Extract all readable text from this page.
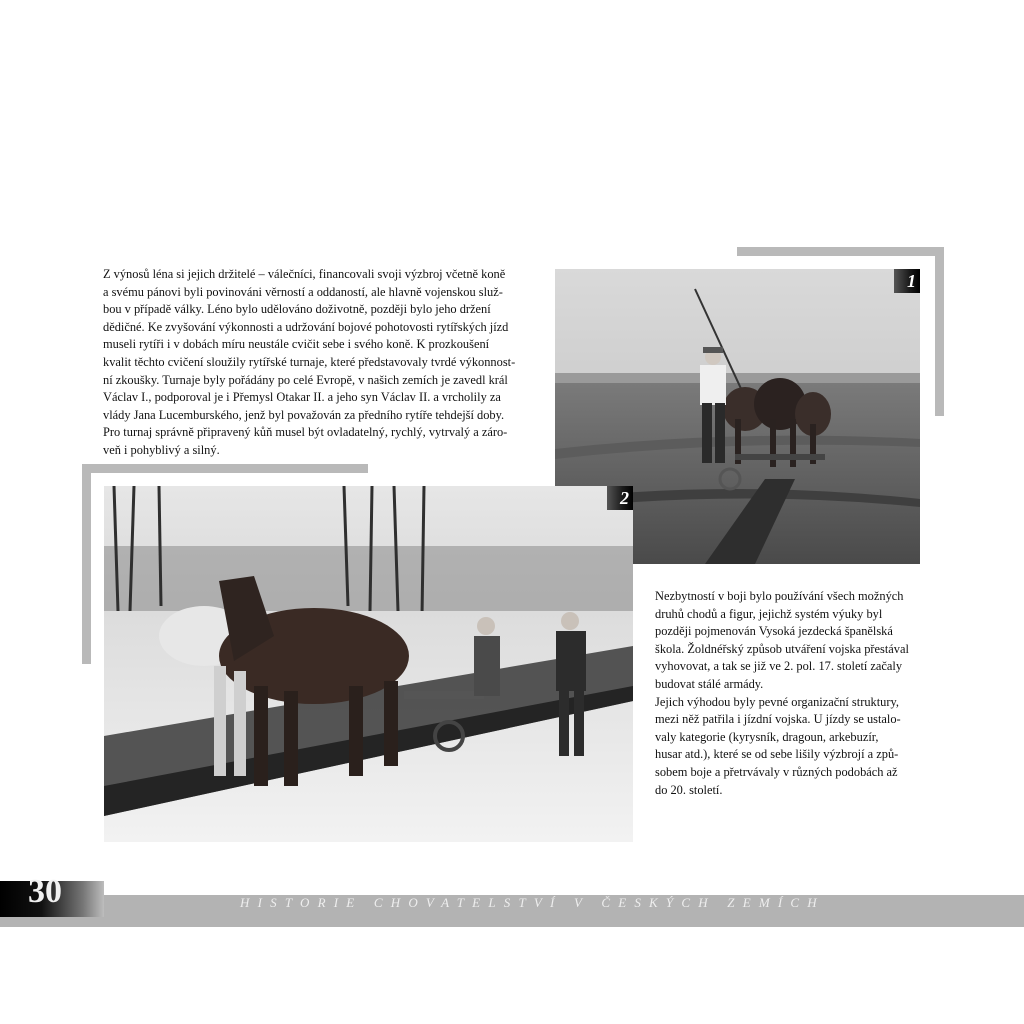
Z výnosů léna si jejich držitelé – válečníci, financovali svoji výzbroj včetně koně
a svému pánovi byli povinováni věrností a oddaností, ale hlavně vojenskou služ-
bou v případě války. Léno bylo udělováno doživotně, později bylo jeho držení
dědičné. Ke zvyšování výkonnosti a udržování bojové pohotovosti rytířských jízd
museli rytíři i v dobách míru neustále cvičit sebe i svého koně. K prozkoušení
kvalit těchto cvičení sloužily rytířské turnaje, které představovaly tvrdé výkonnost-
ní zkoušky. Turnaje byly pořádány po celé Evropě, v našich zemích je zavedl král
Václav I., podporoval je i Přemysl Otakar II. a jeho syn Václav II. a vrcholily za
vlády Jana Lucemburského, jenž byl považován za předního rytíře tehdejší doby.
Pro turnaj správně připravený kůň musel být ovladatelný, rychlý, vytrvalý a záro-
veň i pohyblivý a silný.
Nezbytností v boji bylo používání všech možných
druhů chodů a figur, jejichž systém výuky byl
později pojmenován Vysoká jezdecká španělská
škola. Žoldnéřský způsob utváření vojska přestával
vyhovovat, a tak se již ve 2. pol. 17. století začaly
budovat stálé armády.
Jejich výhodou byly pevné organizační struktury,
mezi něž patřila i jízdní vojska. U jízdy se ustalo-
valy kategorie (kyrysník, dragoun, arkebuzír,
husar atd.), které se od sebe lišily výzbrojí a způ-
sobem boje a přetrvávaly v různých podobách až
do 20. století.
1
2
30	HISTORIE CHOVATELSTVÍ V ČESKÝCH ZEMÍCH
